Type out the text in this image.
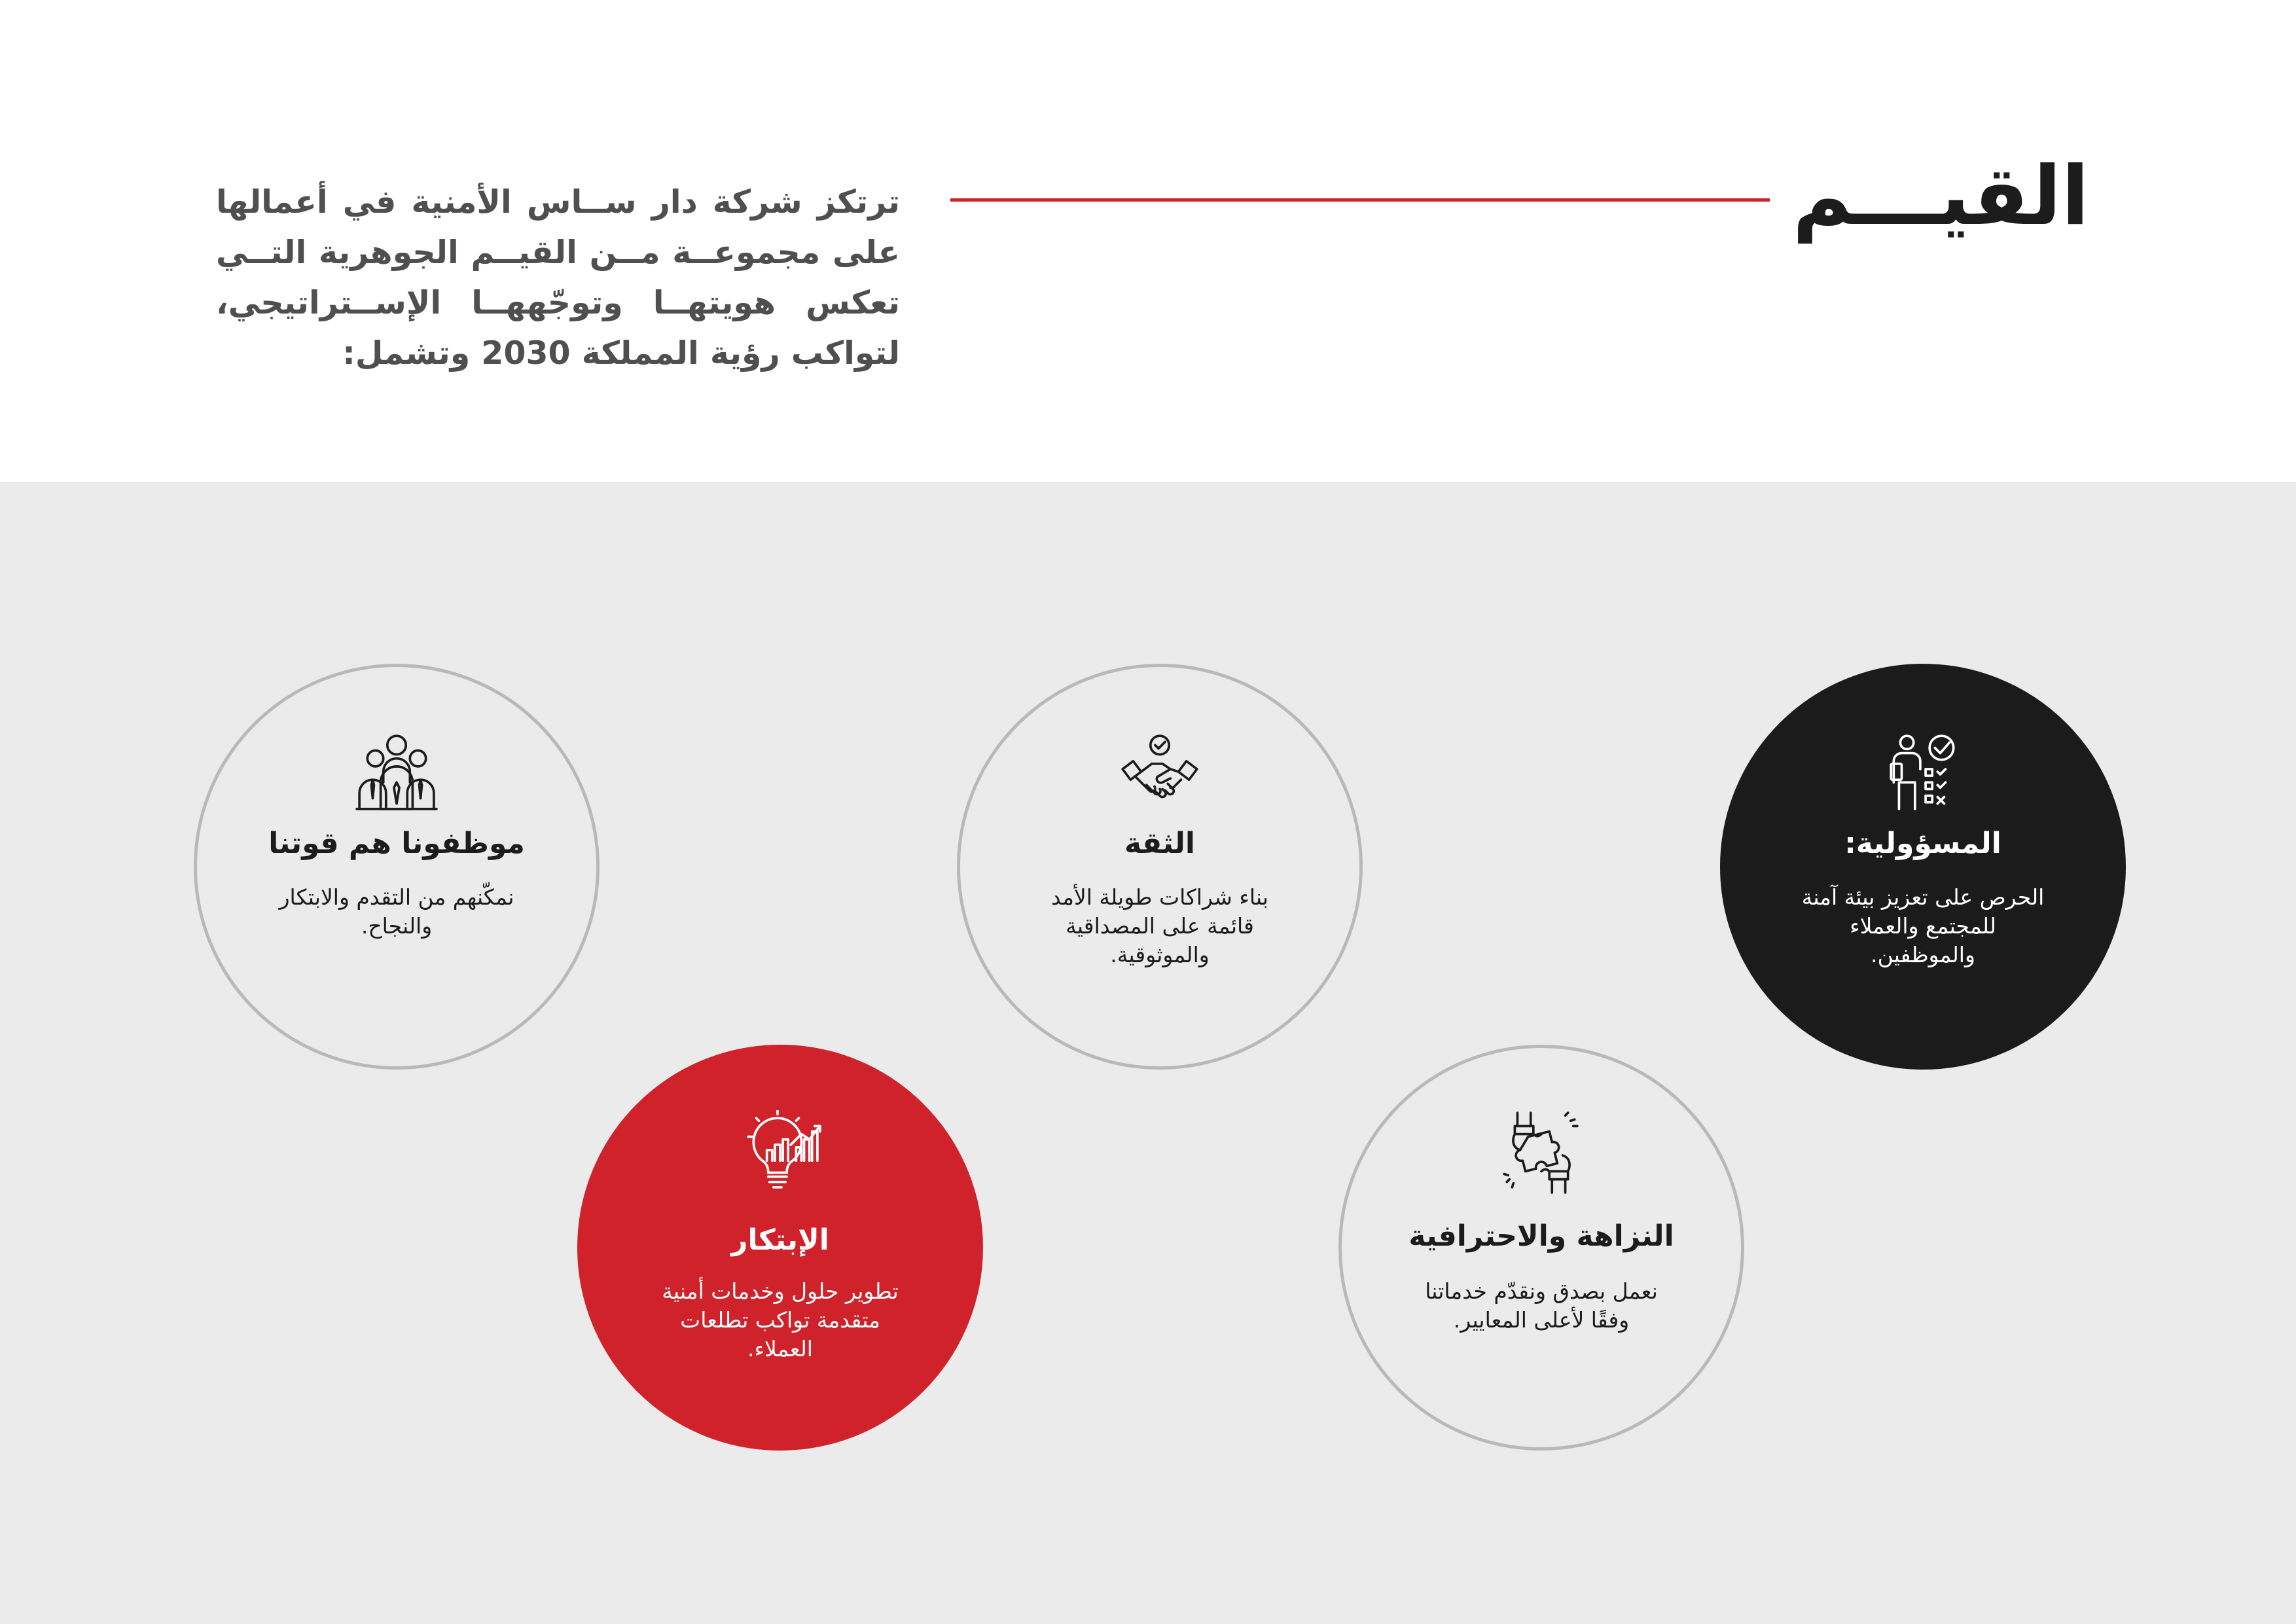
القيـــم

ترتكز شركة دار ســاس الأمنية في أعمالها على مجموعــة مــن القيــم الجوهرية التــي تعكس هويتهــا وتوجّههــا الإســتراتيجي، لتواكب رؤية المملكة 2030 وتشمل:

المسؤولية:

الحرص على تعزيز بيئة آمنة للمجتمع والعملاء والموظفين.

الثقة

بناء شراكات طويلة الأمد قائمة على المصداقية والموثوقية.

موظفونا هم قوتنا

نمكّنهم من التقدم والابتكار والنجاح.

النزاهة والاحترافية

نعمل بصدق ونقدّم خدماتنا وفقًا لأعلى المعايير.

الإبتكار

تطوير حلول وخدمات أمنية متقدمة تواكب تطلعات العملاء.
